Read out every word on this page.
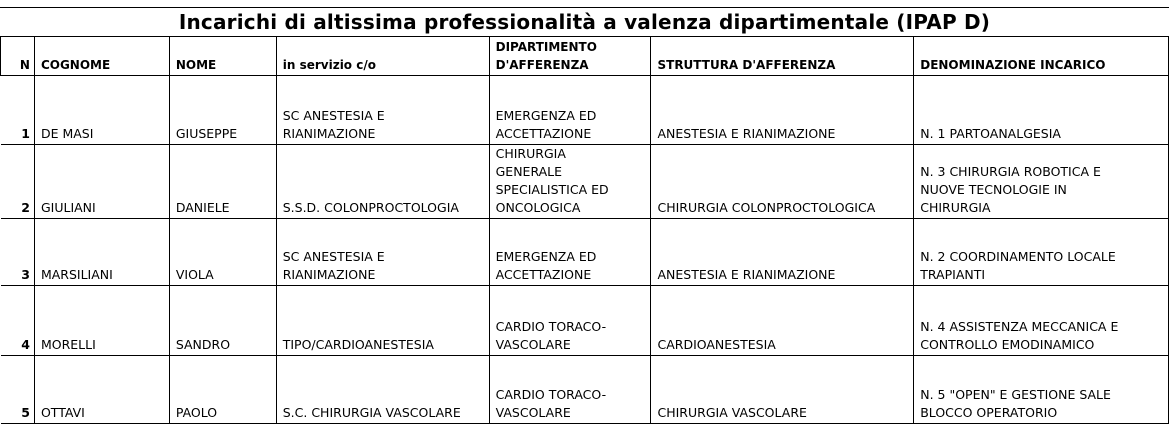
Incarichi di altissima professionalità a valenza dipartimentale (IPAP D)
N	COGNOME	NOME	in servizio c/o	DIPARTIMENTO
D'AFFERENZA	STRUTTURA D'AFFERENZA	DENOMINAZIONE INCARICO

1	DE MASI	GIUSEPPE	SC ANESTESIA E
RIANIMAZIONE	EMERGENZA ED
ACCETTAZIONE	ANESTESIA E RIANIMAZIONE	N. 1 PARTOANALGESIA

2	GIULIANI	DANIELE	S.S.D. COLONPROCTOLOGIA	CHIRURGIA
GENERALE
SPECIALISTICA ED
ONCOLOGICA	CHIRURGIA COLONPROCTOLOGICA	N. 3 CHIRURGIA ROBOTICA E
NUOVE TECNOLOGIE IN
CHIRURGIA

3	MARSILIANI	VIOLA	SC ANESTESIA E
RIANIMAZIONE	EMERGENZA ED
ACCETTAZIONE	ANESTESIA E RIANIMAZIONE	N. 2 COORDINAMENTO LOCALE
TRAPIANTI

4	MORELLI	SANDRO	TIPO/CARDIOANESTESIA	CARDIO TORACO-
VASCOLARE	CARDIOANESTESIA	N. 4 ASSISTENZA MECCANICA E
CONTROLLO EMODINAMICO

5	OTTAVI	PAOLO	S.C. CHIRURGIA VASCOLARE	CARDIO TORACO-
VASCOLARE	CHIRURGIA VASCOLARE	N. 5 "OPEN" E GESTIONE SALE
BLOCCO OPERATORIO
